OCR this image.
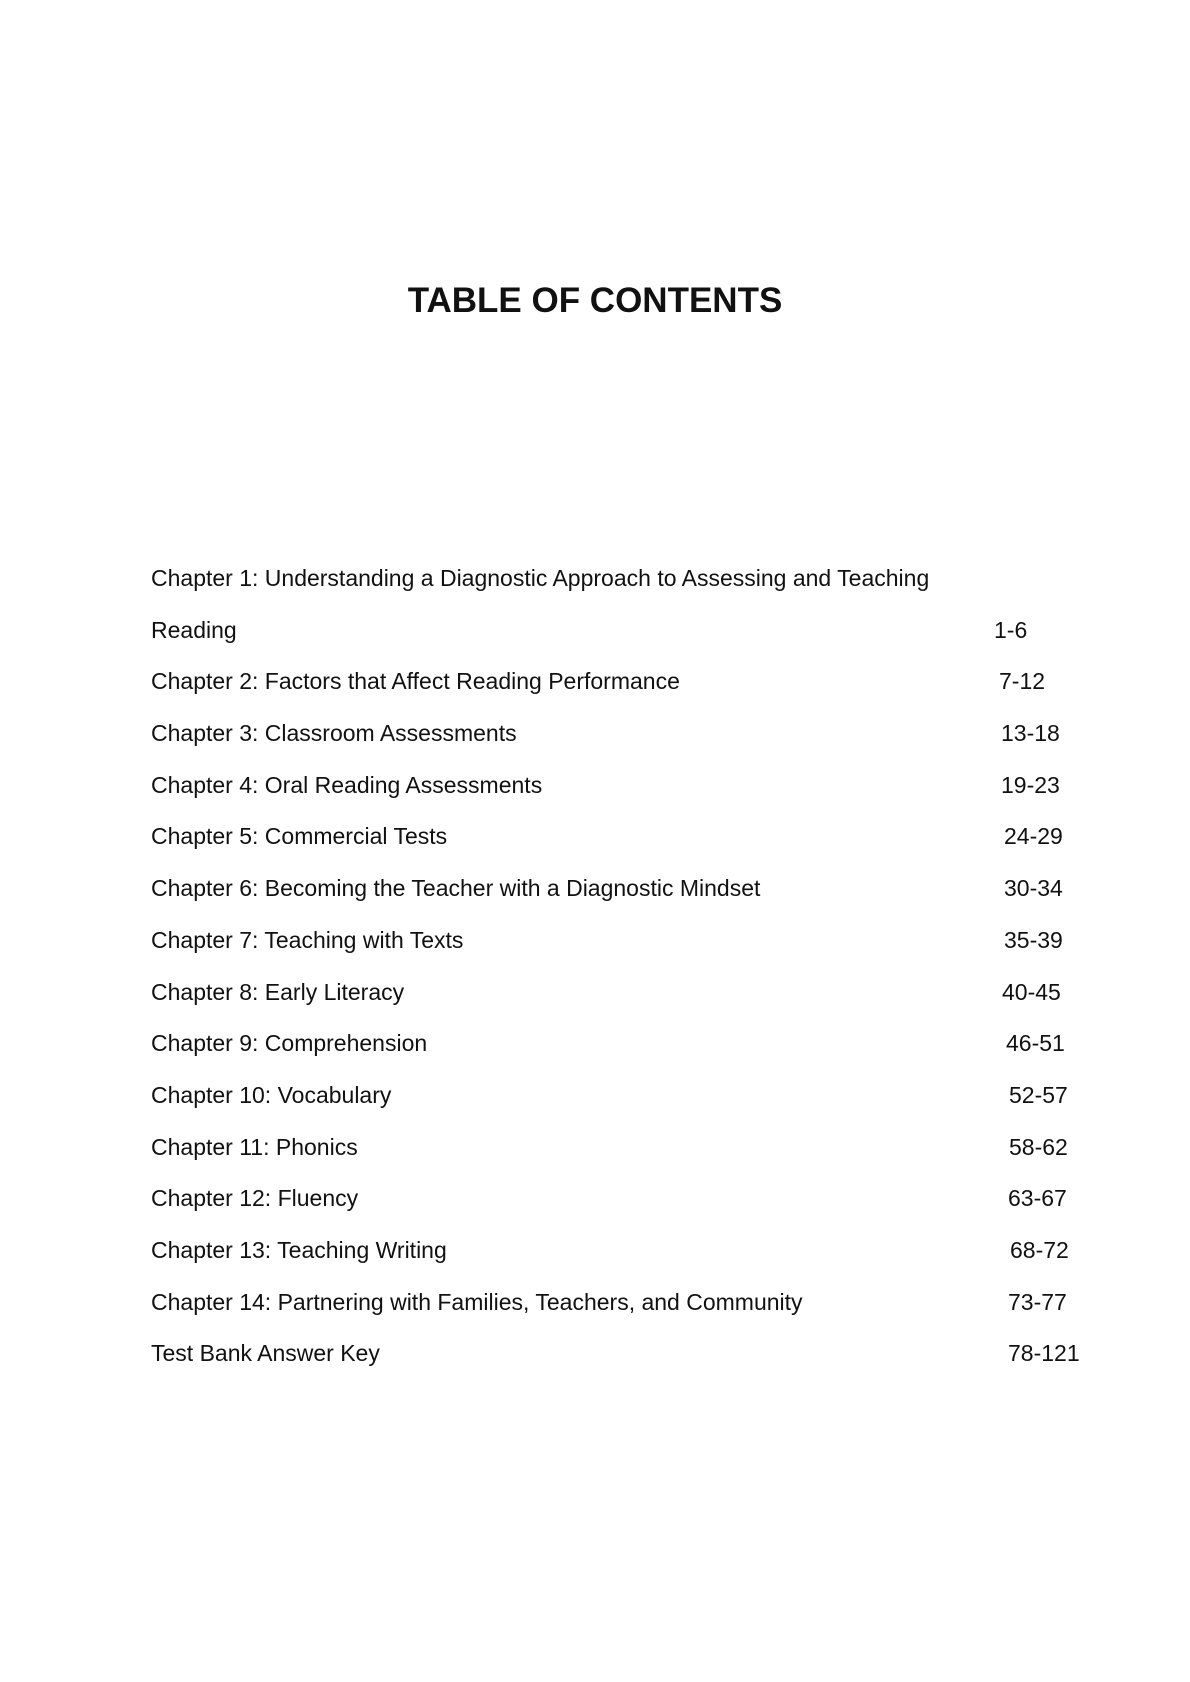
TABLE OF CONTENTS
Chapter 1: Understanding a Diagnostic Approach to Assessing and Teaching
Reading	1-6
Chapter 2: Factors that Affect Reading Performance	7-12
Chapter 3: Classroom Assessments	13-18
Chapter 4: Oral Reading Assessments	19-23
Chapter 5: Commercial Tests	24-29
Chapter 6: Becoming the Teacher with a Diagnostic Mindset	30-34
Chapter 7: Teaching with Texts	35-39
Chapter 8: Early Literacy	40-45
Chapter 9: Comprehension	46-51
Chapter 10: Vocabulary	52-57
Chapter 11: Phonics	58-62
Chapter 12: Fluency	63-67
Chapter 13: Teaching Writing	68-72
Chapter 14: Partnering with Families, Teachers, and Community	73-77
Test Bank Answer Key	78-121
